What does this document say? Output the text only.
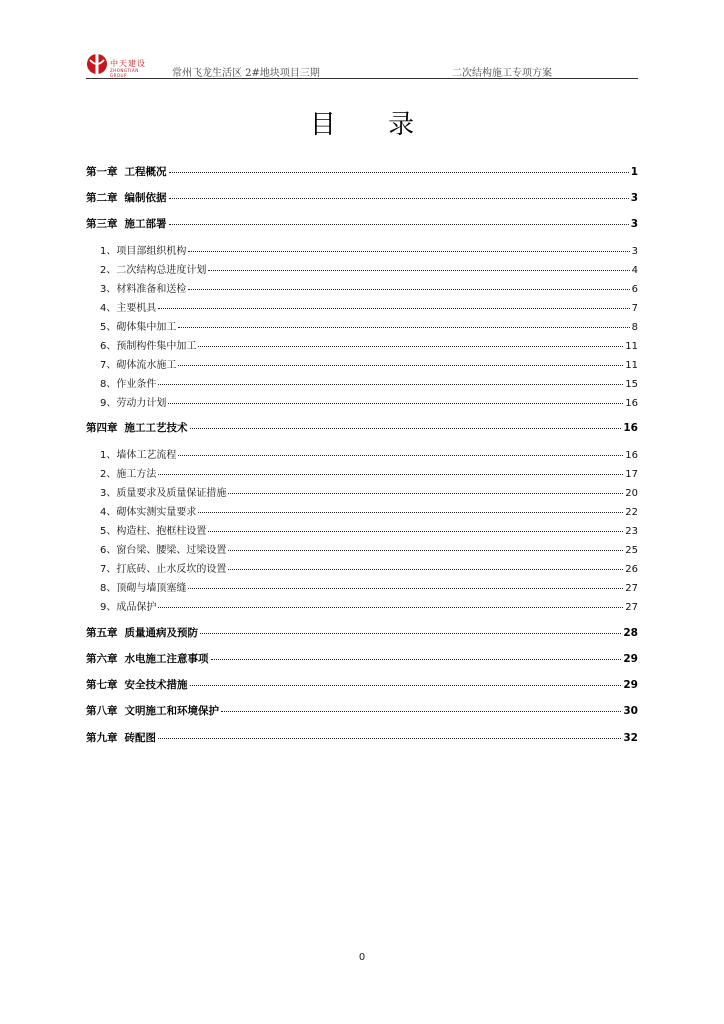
中天建设
ZHONGTIAN GROUP	常州飞龙生活区 2#地块项目三期	二次结构施工专项方案
目 录
第一章 工程概况	1
第二章 编制依据	3
第三章 施工部署	3
1、项目部组织机构	3
2、二次结构总进度计划	4
3、材料准备和送检	6
4、主要机具	7
5、砌体集中加工	8
6、预制构件集中加工	11
7、砌体流水施工	11
8、作业条件	15
9、劳动力计划	16
第四章 施工工艺技术	16
1、墙体工艺流程	16
2、施工方法	17
3、质量要求及质量保证措施	20
4、砌体实测实量要求	22
5、构造柱、抱框柱设置	23
6、窗台梁、腰梁、过梁设置	25
7、打底砖、止水反坎的设置	26
8、顶砌与墙顶塞缝	27
9、成品保护	27
第五章 质量通病及预防	28
第六章 水电施工注意事项	29
第七章 安全技术措施	29
第八章 文明施工和环境保护	30
第九章 砖配图	32
0
